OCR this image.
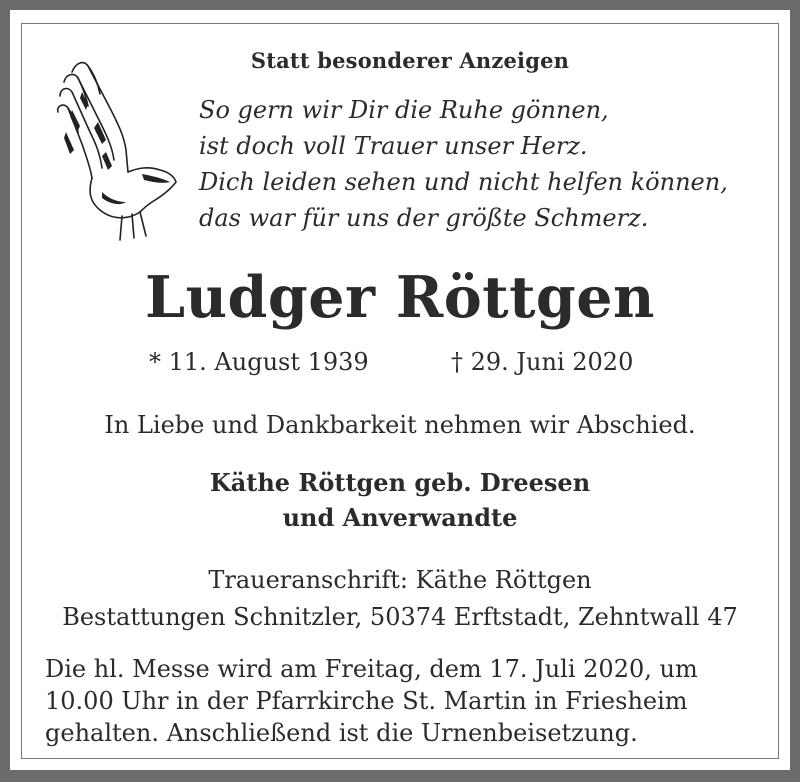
Statt besonderer Anzeigen
So gern wir Dir die Ruhe gönnen,
ist doch voll Trauer unser Herz.
Dich leiden sehen und nicht helfen können,
das war für uns der größte Schmerz.
Ludger Röttgen
* 11. August 1939	† 29. Juni 2020
In Liebe und Dankbarkeit nehmen wir Abschied.
Käthe Röttgen geb. Dreesen
und Anverwandte
Traueranschrift: Käthe Röttgen
Bestattungen Schnitzler, 50374 Erftstadt, Zehntwall 47
Die hl. Messe wird am Freitag, dem 17. Juli 2020, um
10.00 Uhr in der Pfarrkirche St. Martin in Friesheim
gehalten. Anschließend ist die Urnenbeisetzung.
